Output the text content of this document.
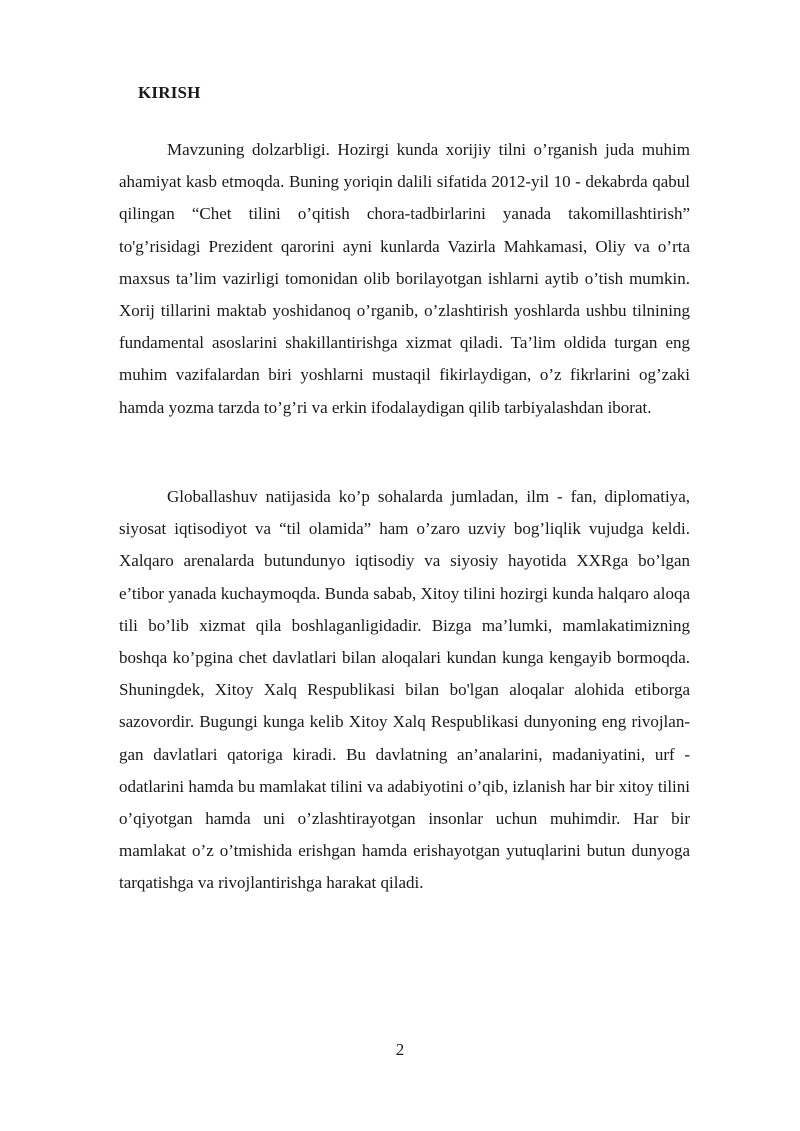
KIRISH

Mavzuning dolzarbligi. Hozirgi kunda xorijiy tilni o’rganish juda muhim ahamiyat kasb etmoqda. Buning yoriqin dalili sifatida 2012-yil 10 - dekabrda qabul qilingan “Chet tilini o’qitish chora-tadbirlarini yanada takomillashtirish” to'g’risidagi Prezident qarorini ayni kunlarda Vazirla Mahkamasi, Oliy va o’rta maxsus ta’lim vazirligi tomonidan olib borilayotgan ishlarni aytib o’tish mumkin. Xorij tillarini maktab yoshidanoq o’rganib, o’zlashtirish yoshlarda ushbu tilnining fundamental asoslarini shakillantirishga xizmat qiladi. Ta’lim oldida turgan eng muhim vazifalardan biri yoshlarni mustaqil fikirlaydigan, o’z fikrlarini og’zaki hamda yozma tarzda to’g’ri va erkin ifodalaydigan qilib tarbiyalashdan iborat.

Globallashuv natijasida ko’p sohalarda jumladan, ilm - fan, diplomatiya, siyosat iqtisodiyot va “til olamida” ham o’zaro uzviy bog’liqlik vujudga keldi. Xalqaro arenalarda butundunyo iqtisodiy va siyosiy hayotida XXRga bo’lgan e’tibor yanada kuchaymoqda. Bunda sabab, Xitoy tilini hozirgi kunda halqaro aloqa tili bo’lib xizmat qila boshlaganligidadir. Bizga ma’lumki, mamlakatimizning boshqa ko’pgina chet davlatlari bilan aloqalari kundan kunga kengayib bormoqda. Shuningdek, Xitoy Xalq Respublikasi bilan bo'lgan aloqalar alohida etiborga sazovordir. Bugungi kunga kelib Xitoy Xalq Respublikasi dunyoning eng rivojlan- gan davlatlari qatoriga kiradi. Bu davlatning an’analarini, madaniyatini, urf - odatlarini hamda bu mamlakat tilini va adabiyotini o’qib, izlanish har bir xitoy tilini o’qiyotgan hamda uni o’zlashtirayotgan insonlar uchun muhimdir. Har bir mamlakat o’z o’tmishida erishgan hamda erishayotgan yutuqlarini butun dunyoga tarqatishga va rivojlantirishga harakat qiladi.

2
